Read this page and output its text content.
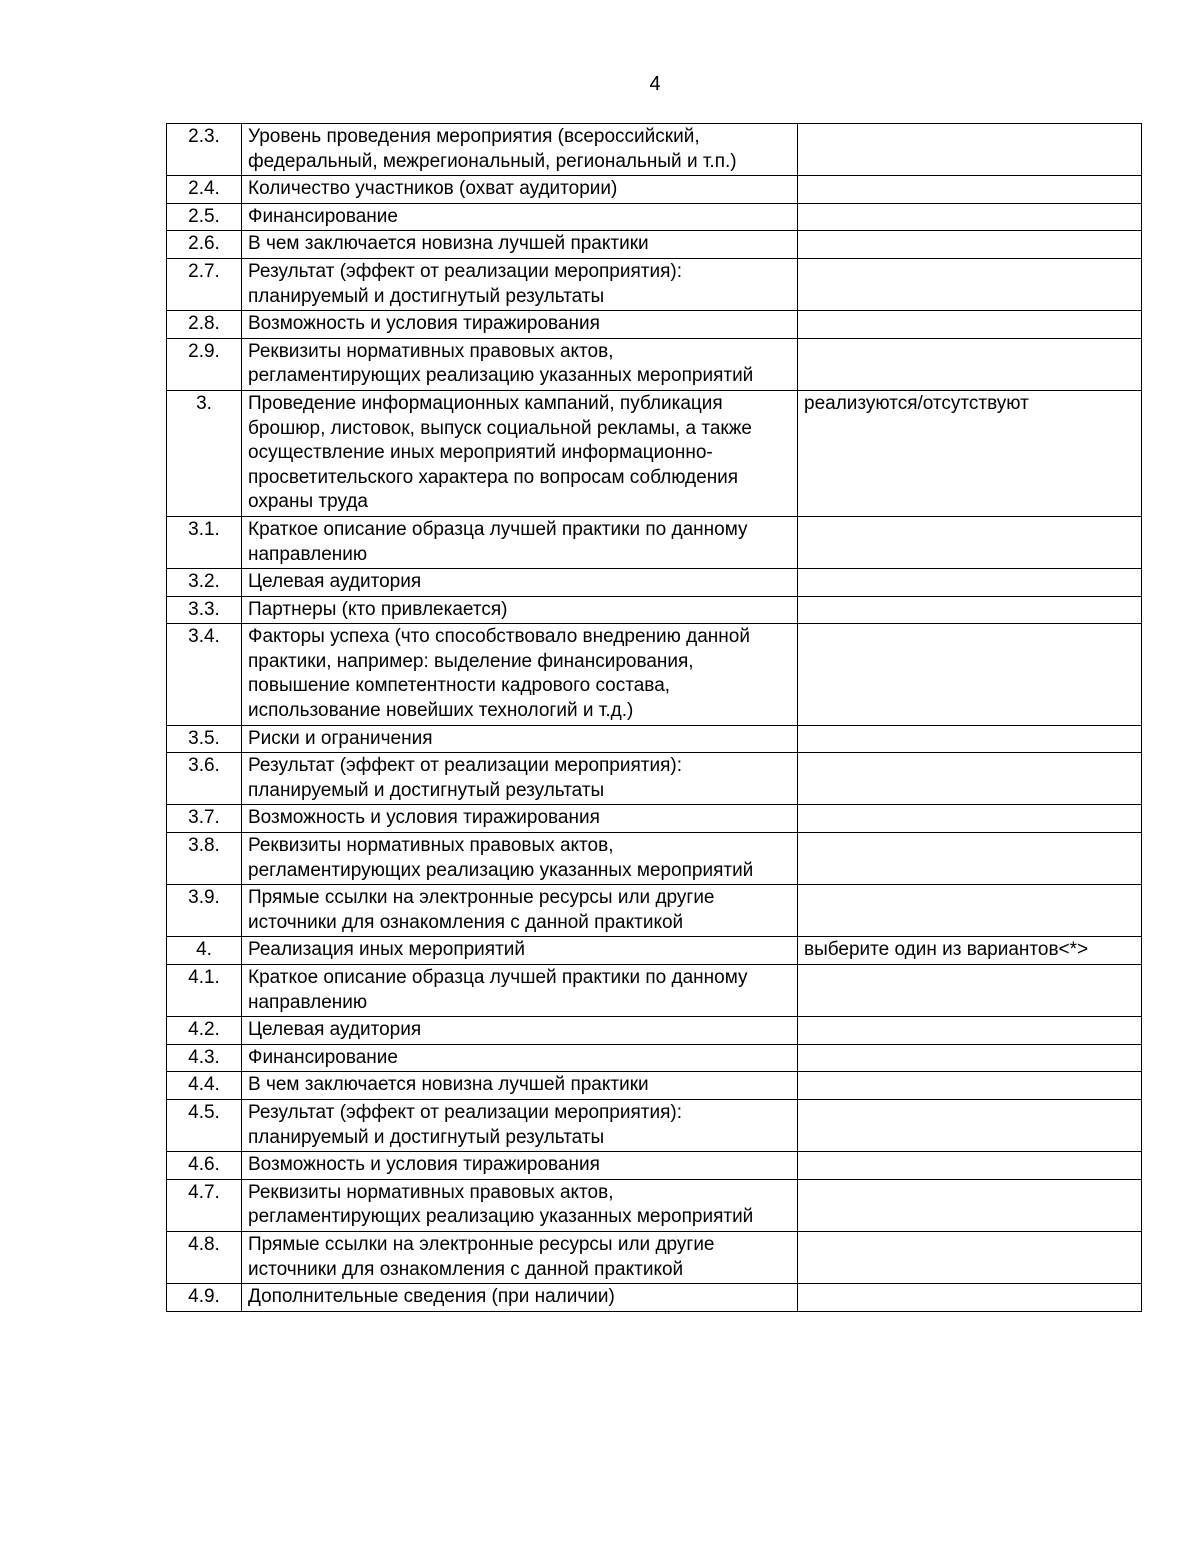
4
2.3.	Уровень проведения мероприятия (всероссийский, федеральный, межрегиональный, региональный и т.п.)	
2.4.	Количество участников (охват аудитории)	
2.5.	Финансирование	
2.6.	В чем заключается новизна лучшей практики	
2.7.	Результат (эффект от реализации мероприятия): планируемый и достигнутый результаты	
2.8.	Возможность и условия тиражирования	
2.9.	Реквизиты нормативных правовых актов, регламентирующих реализацию указанных мероприятий	
3.	Проведение информационных кампаний, публикация брошюр, листовок, выпуск социальной рекламы, а также осуществление иных мероприятий информационно-просветительского характера по вопросам соблюдения охраны труда	реализуются/отсутствуют
3.1.	Краткое описание образца лучшей практики по данному направлению	
3.2.	Целевая аудитория	
3.3.	Партнеры (кто привлекается)	
3.4.	Факторы успеха (что способствовало внедрению данной практики, например: выделение финансирования, повышение компетентности кадрового состава, использование новейших технологий и т.д.)	
3.5.	Риски и ограничения	
3.6.	Результат (эффект от реализации мероприятия): планируемый и достигнутый результаты	
3.7.	Возможность и условия тиражирования	
3.8.	Реквизиты нормативных правовых актов, регламентирующих реализацию указанных мероприятий	
3.9.	Прямые ссылки на электронные ресурсы или другие источники для ознакомления с данной практикой	
4.	Реализация иных мероприятий	выберите один из вариантов<*>
4.1.	Краткое описание образца лучшей практики по данному направлению	
4.2.	Целевая аудитория	
4.3.	Финансирование	
4.4.	В чем заключается новизна лучшей практики	
4.5.	Результат (эффект от реализации мероприятия): планируемый и достигнутый результаты	
4.6.	Возможность и условия тиражирования	
4.7.	Реквизиты нормативных правовых актов, регламентирующих реализацию указанных мероприятий	
4.8.	Прямые ссылки на электронные ресурсы или другие источники для ознакомления с данной практикой	
4.9.	Дополнительные сведения (при наличии)	
